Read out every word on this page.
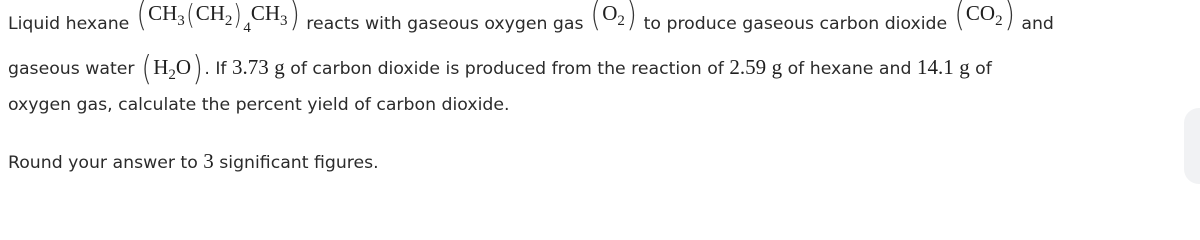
Liquid hexane $(CH_3(CH_2)_4CH_3)$ reacts with gaseous oxygen gas $(O_2)$ to produce gaseous carbon dioxide $(CO_2)$ and
gaseous water $(H_2O)$. If 3.73 g of carbon dioxide is produced from the reaction of 2.59 g of hexane and 14.1 g of
oxygen gas, calculate the percent yield of carbon dioxide.
Round your answer to 3 significant figures.
